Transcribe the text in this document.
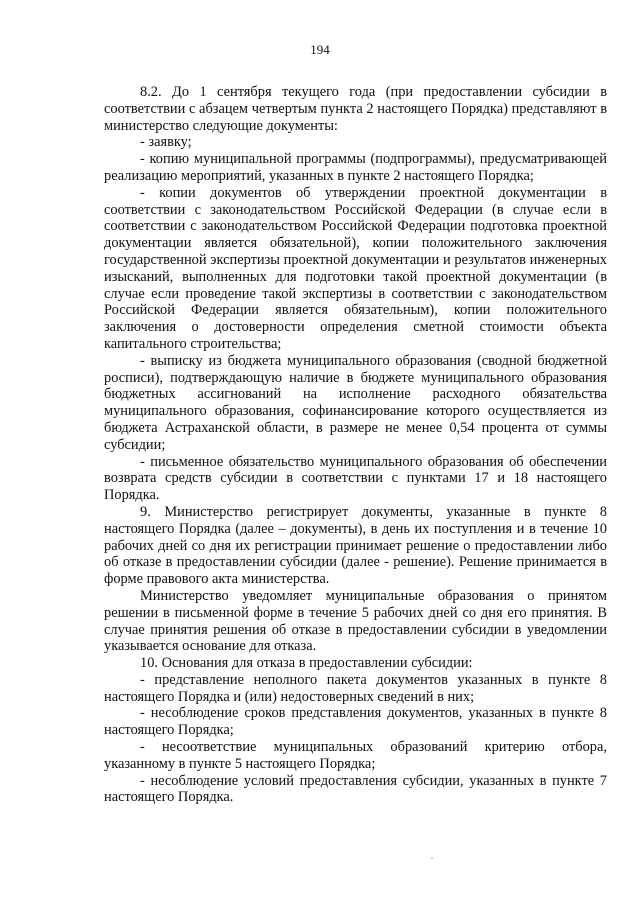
194

8.2. До 1 сентября текущего года (при предоставлении субсидии в соответствии с абзацем четвертым пункта 2 настоящего Порядка) представляют в министерство следующие документы:

- заявку;

- копию муниципальной программы (подпрограммы), предусматривающей реализацию мероприятий, указанных в пункте 2 настоящего Порядка;

- копии документов об утверждении проектной документации в соответствии с законодательством Российской Федерации (в случае если в соответствии с законодательством Российской Федерации подготовка проектной документации является обязательной), копии положительного заключения государственной экспертизы проектной документации и результатов инженерных изысканий, выполненных для подготовки такой проектной документации (в случае если проведение такой экспертизы в соответствии с законодательством Российской Федерации является обязательным), копии положительного заключения о достоверности определения сметной стоимости объекта капитального строительства;

- выписку из бюджета муниципального образования (сводной бюджетной росписи), подтверждающую наличие в бюджете муниципального образования бюджетных ассигнований на исполнение расходного обязательства муниципального образования, софинансирование которого осуществляется из бюджета Астраханской области, в размере не менее 0,54 процента от суммы субсидии;

- письменное обязательство муниципального образования об обеспечении возврата средств субсидии в соответствии с пунктами 17 и 18 настоящего Порядка.

9. Министерство регистрирует документы, указанные в пункте 8 настоящего Порядка (далее – документы), в день их поступления и в течение 10 рабочих дней со дня их регистрации принимает решение о предоставлении либо об отказе в предоставлении субсидии (далее - решение). Решение принимается в форме правового акта министерства.

Министерство уведомляет муниципальные образования о принятом решении в письменной форме в течение 5 рабочих дней со дня его принятия. В случае принятия решения об отказе в предоставлении субсидии в уведомлении указывается основание для отказа.

10. Основания для отказа в предоставлении субсидии:

- представление неполного пакета документов указанных в пункте 8 настоящего Порядка и (или) недостоверных сведений в них;

- несоблюдение сроков представления документов, указанных в пункте 8 настоящего Порядка;

- несоответствие муниципальных образований критерию отбора, указанному в пункте 5 настоящего Порядка;

- несоблюдение условий предоставления субсидии, указанных в пункте 7 настоящего Порядка.
